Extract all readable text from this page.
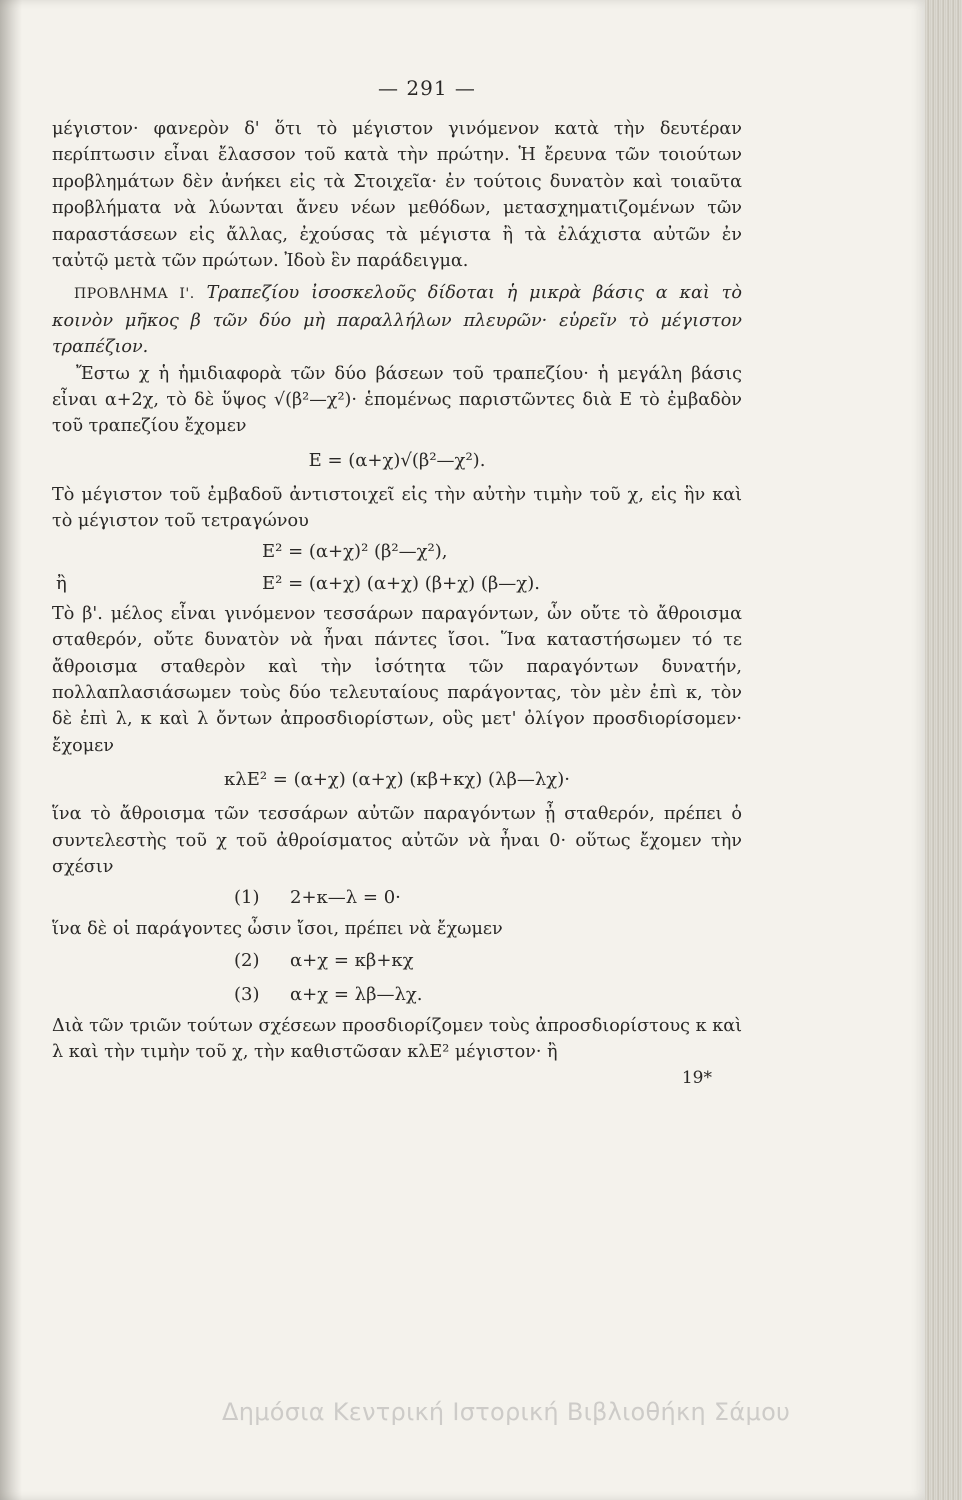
— 291 —

μέγιστον· φανερὸν δ' ὅτι τὸ μέγιστον γινόμενον κατὰ τὴν δευτέραν περίπτωσιν εἶναι ἔλασσον τοῦ κατὰ τὴν πρώτην. Ἡ ἔρευνα τῶν τοιούτων προβλημάτων δὲν ἀνήκει εἰς τὰ Στοιχεῖα· ἐν τούτοις δυνατὸν καὶ τοιαῦτα προβλήματα νὰ λύωνται ἄνευ νέων μεθόδων, μετασχηματιζομένων τῶν παραστάσεων εἰς ἄλλας, ἐχούσας τὰ μέγιστα ἢ τὰ ἐλάχιστα αὐτῶν ἐν ταὐτῷ μετὰ τῶν πρώτων. Ἰδοὺ ἓν παράδειγμα.

ΠΡΟΒΛΗΜΑ Ι'. Τραπεζίου ἰσοσκελοῦς δίδοται ἡ μικρὰ βάσις α καὶ τὸ κοινὸν μῆκος β τῶν δύο μὴ παραλλήλων πλευρῶν· εὑρεῖν τὸ μέγιστον τραπέζιον.

Ἔστω χ ἡ ἡμιδιαφορὰ τῶν δύο βάσεων τοῦ τραπεζίου· ἡ μεγάλη βάσις εἶναι α+2χ, τὸ δὲ ὕψος √(β²—χ²)· ἑπομένως παριστῶντες διὰ Ε τὸ ἐμβαδὸν τοῦ τραπεζίου ἔχομεν

Ε = (α+χ)√(β²—χ²).

Τὸ μέγιστον τοῦ ἐμβαδοῦ ἀντιστοιχεῖ εἰς τὴν αὐτὴν τιμὴν τοῦ χ, εἰς ἣν καὶ τὸ μέγιστον τοῦ τετραγώνου

Ε² = (α+χ)² (β²—χ²),
ἢ	Ε² = (α+χ) (α+χ) (β+χ) (β—χ).

Τὸ β'. μέλος εἶναι γινόμενον τεσσάρων παραγόντων, ὧν οὔτε τὸ ἄθροισμα σταθερόν, οὔτε δυνατὸν νὰ ἦναι πάντες ἴσοι. Ἵνα καταστήσωμεν τό τε ἄθροισμα σταθερὸν καὶ τὴν ἰσότητα τῶν παραγόντων δυνατήν, πολλαπλασιάσωμεν τοὺς δύο τελευταίους παράγοντας, τὸν μὲν ἐπὶ κ, τὸν δὲ ἐπὶ λ, κ καὶ λ ὄντων ἀπροσδιορίστων, οὓς μετ' ὀλίγον προσδιορίσομεν· ἔχομεν

κλΕ² = (α+χ) (α+χ) (κβ+κχ) (λβ—λχ)·

ἵνα τὸ ἄθροισμα τῶν τεσσάρων αὐτῶν παραγόντων ᾖ σταθερόν, πρέπει ὁ συντελεστὴς τοῦ χ τοῦ ἀθροίσματος αὐτῶν νὰ ἦναι 0· οὕτως ἔχομεν τὴν σχέσιν

(1) 2+κ—λ = 0·

ἵνα δὲ οἱ παράγοντες ὦσιν ἴσοι, πρέπει νὰ ἔχωμεν

(2) α+χ = κβ+κχ
(3) α+χ = λβ—λχ.

Διὰ τῶν τριῶν τούτων σχέσεων προσδιορίζομεν τοὺς ἀπροσδιορίστους κ καὶ λ καὶ τὴν τιμὴν τοῦ χ, τὴν καθιστῶσαν κλΕ² μέγιστον· ἢ

19*
Δημόσια Κεντρική Ιστορική Βιβλιοθήκη Σάμου
